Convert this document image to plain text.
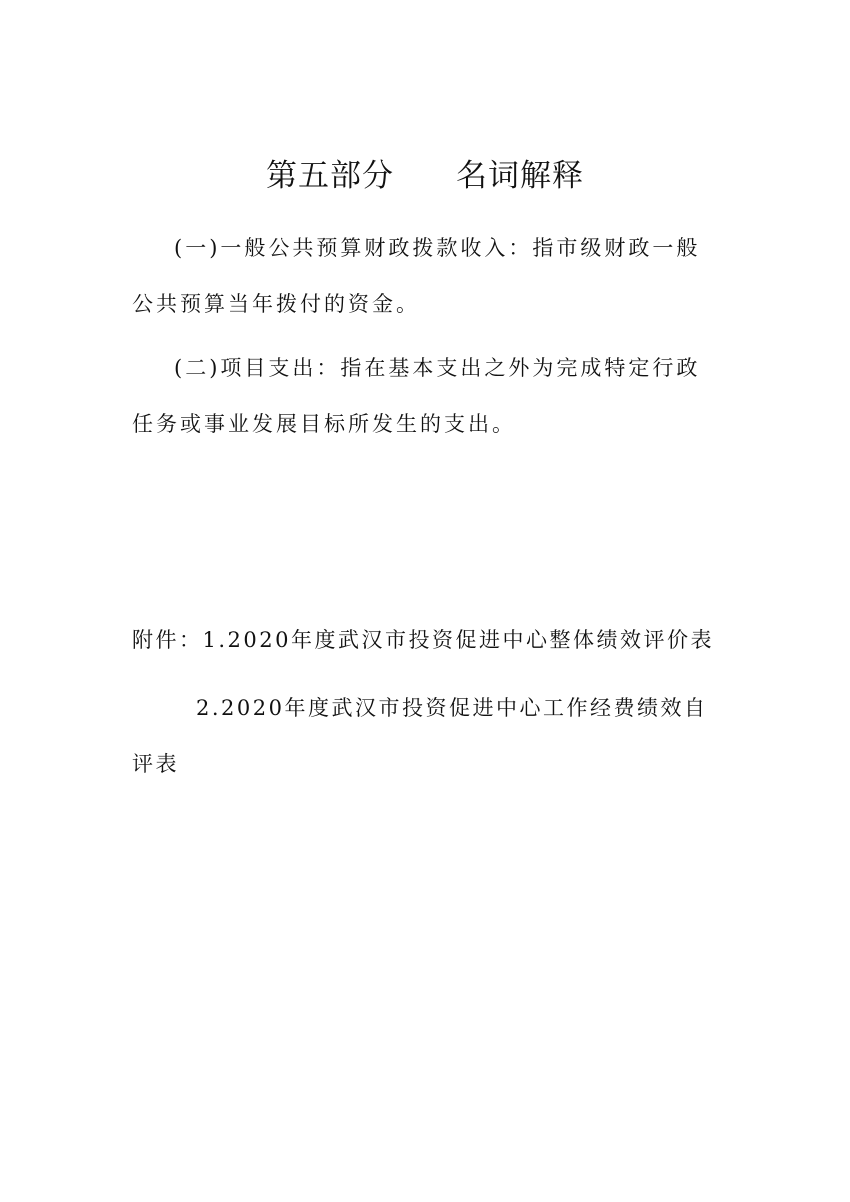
第五部分 名词解释

(一)一般公共预算财政拨款收入：指市级财政一般公共预算当年拨付的资金。

(二)项目支出：指在基本支出之外为完成特定行政任务或事业发展目标所发生的支出。

附件：1.2020年度武汉市投资促进中心整体绩效评价表

2.2020年度武汉市投资促进中心工作经费绩效自评表
